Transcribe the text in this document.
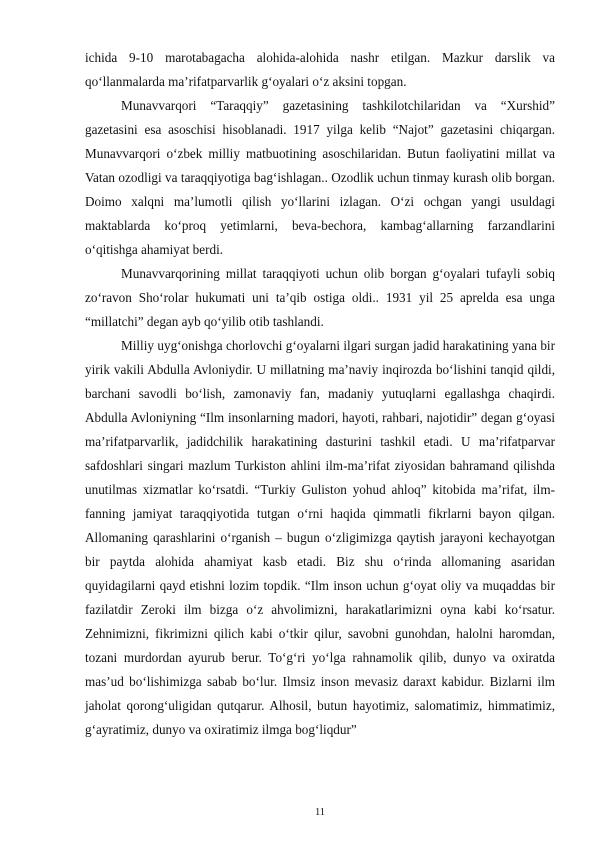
ichida 9-10 marotabagacha alohida-alohida nashr etilgan. Mazkur darslik va qo‘llanmalarda ma’rifatparvarlik g‘oyalari o‘z aksini topgan.

Munavvarqori “Taraqqiy” gazetasining tashkilotchilaridan va “Xurshid” gazetasini esa asoschisi hisoblanadi. 1917 yilga kelib “Najot” gazetasini chiqargan. Munavvarqori o‘zbek milliy matbuotining asoschilaridan. Butun faoliyatini millat va Vatan ozodligi va taraqqiyotiga bag‘ishlagan.. Ozodlik uchun tinmay kurash olib borgan. Doimo xalqni ma’lumotli qilish yo‘llarini izlagan. O‘zi ochgan yangi usuldagi maktablarda ko‘proq yetimlarni, beva-bechora, kambag‘allarning farzandlarini o‘qitishga ahamiyat berdi.

Munavvarqorining millat taraqqiyoti uchun olib borgan g‘oyalari tufayli sobiq zo‘ravon Sho‘rolar hukumati uni ta’qib ostiga oldi.. 1931 yil 25 aprelda esa unga “millatchi” degan ayb qo‘yilib otib tashlandi.

Milliy uyg‘onishga chorlovchi g‘oyalarni ilgari surgan jadid harakatining yana bir yirik vakili Abdulla Avloniydir. U millatning ma’naviy inqirozda bo‘lishini tanqid qildi, barchani savodli bo‘lish, zamonaviy fan, madaniy yutuqlarni egallashga chaqirdi. Abdulla Avloniyning “Ilm insonlarning madori, hayoti, rahbari, najotidir” degan g‘oyasi ma’rifatparvarlik, jadidchilik harakatining dasturini tashkil etadi. U ma’rifatparvar safdoshlari singari mazlum Turkiston ahlini ilm-ma’rifat ziyosidan bahramand qilishda unutilmas xizmatlar ko‘rsatdi. “Turkiy Guliston yohud ahloq” kitobida ma’rifat, ilm-fanning jamiyat taraqqiyotida tutgan o‘rni haqida qimmatli fikrlarni bayon qilgan. Allomaning qarashlarini o‘rganish – bugun o‘zligimizga qaytish jarayoni kechayotgan bir paytda alohida ahamiyat kasb etadi. Biz shu o‘rinda allomaning asaridan quyidagilarni qayd etishni lozim topdik. “Ilm inson uchun g‘oyat oliy va muqaddas bir fazilatdir Zeroki ilm bizga o‘z ahvolimizni, harakatlarimizni oyna kabi ko‘rsatur. Zehnimizni, fikrimizni qilich kabi o‘tkir qilur, savobni gunohdan, halolni haromdan, tozani murdordan ayurub berur. To‘g‘ri yo‘lga rahnamolik qilib, dunyo va oxiratda mas’ud bo‘lishimizga sabab bo‘lur. Ilmsiz inson mevasiz daraxt kabidur. Bizlarni ilm jaholat qorong‘uligidan qutqarur. Alhosil, butun hayotimiz, salomatimiz, himmatimiz, g‘ayratimiz, dunyo va oxiratimiz ilmga bog‘liqdur”

11
